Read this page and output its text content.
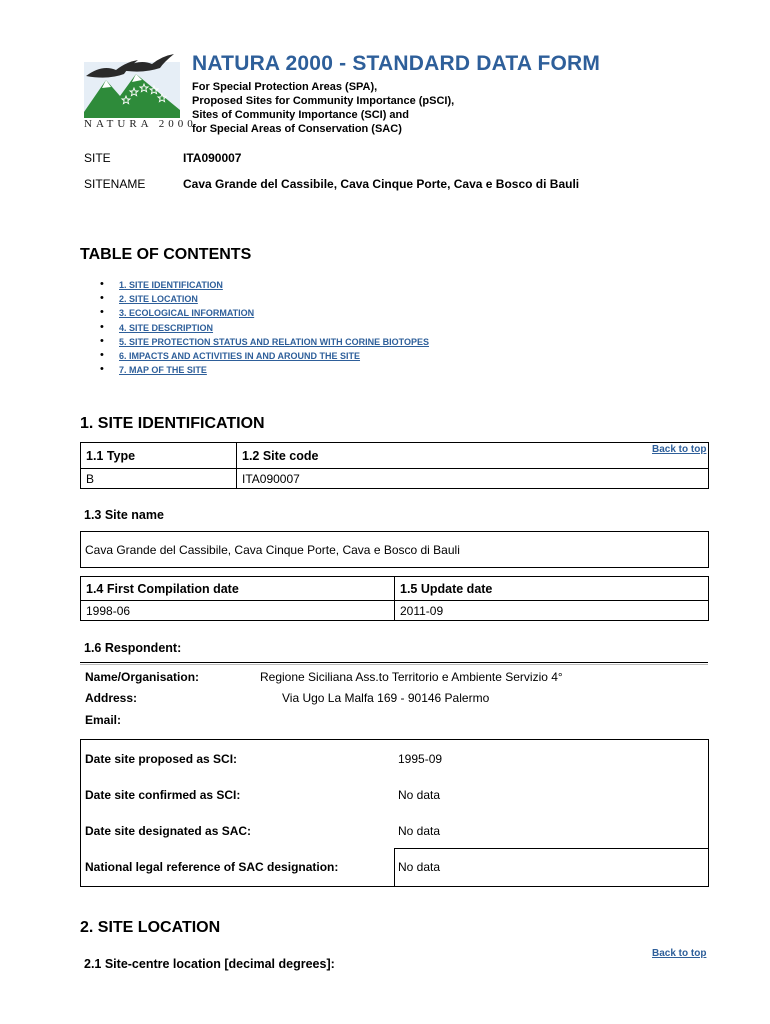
NATURA 2000
NATURA 2000 - STANDARD DATA FORM
For Special Protection Areas (SPA),
Proposed Sites for Community Importance (pSCI),
Sites of Community Importance (SCI) and
for Special Areas of Conservation (SAC)
SITE	ITA090007
SITENAME	Cava Grande del Cassibile, Cava Cinque Porte, Cava e Bosco di Bauli
TABLE OF CONTENTS
• 1. SITE IDENTIFICATION
• 2. SITE LOCATION
• 3. ECOLOGICAL INFORMATION
• 4. SITE DESCRIPTION
• 5. SITE PROTECTION STATUS AND RELATION WITH CORINE BIOTOPES
• 6. IMPACTS AND ACTIVITIES IN AND AROUND THE SITE
• 7. MAP OF THE SITE
1. SITE IDENTIFICATION
Back to top
1.1 Type	1.2 Site code
B	ITA090007
1.3 Site name
Cava Grande del Cassibile, Cava Cinque Porte, Cava e Bosco di Bauli
1.4 First Compilation date	1.5 Update date
1998-06	2011-09
1.6 Respondent:
Name/Organisation:	Regione Siciliana Ass.to Territorio e Ambiente Servizio 4°
Address:	Via Ugo La Malfa 169 - 90146 Palermo
Email:
Date site proposed as SCI:	1995-09
Date site confirmed as SCI:	No data
Date site designated as SAC:	No data
National legal reference of SAC designation:	No data
2. SITE LOCATION
Back to top
2.1 Site-centre location [decimal degrees]:
